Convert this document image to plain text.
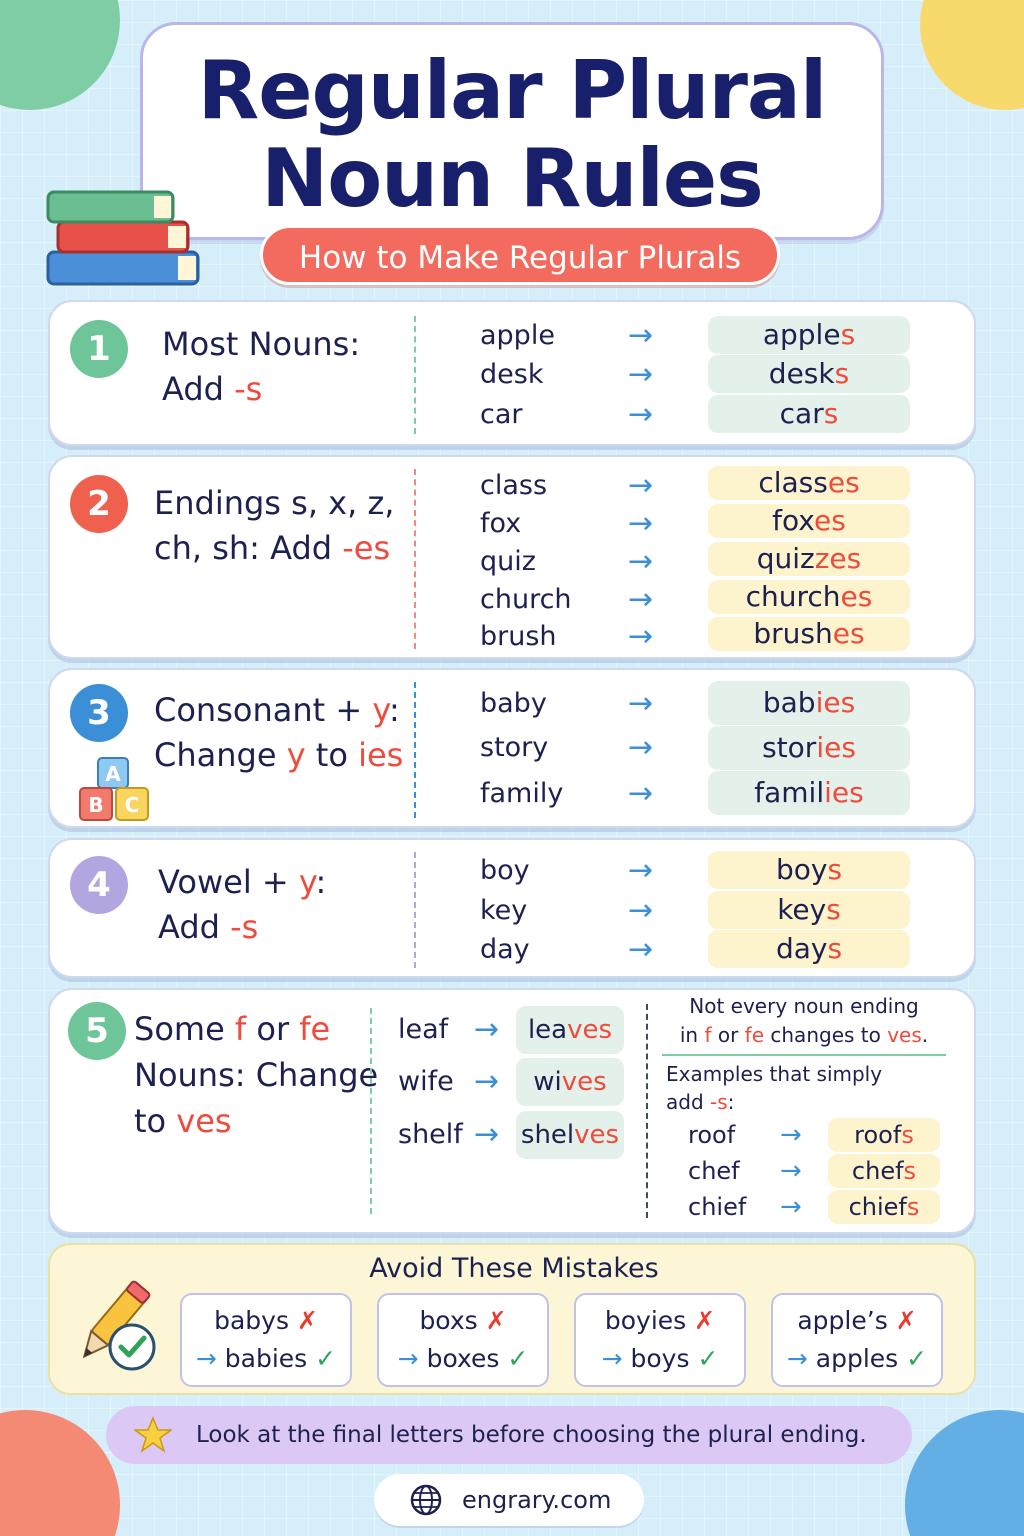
Regular Plural
Noun Rules
How to Make Regular Plurals
1	Most Nouns:
Add -s
apple →	apples
desk	→	desks
car	→	cars
2	Endings s, x, z,
ch, sh: Add -es
class	→	classes
fox	→	foxes
quiz	→	quizzes
church →	churches
brush →	brushes
3
A
B C
Consonant + y:
Change y to ies
baby	→	babies
story	→	stories
family →	families
4	Vowel + y:
Add -s
boy	→	boys
key	→	keys
day	→	days
5 Some f or fe
Nouns: Change
to ves
leaf →	leaves
wife →	wives
shelf → shelves
Not every noun ending
in f or fe changes to ves.
Examples that simply
add -s:
roof →	roofs
chef →	chefs
chief →	chiefs
Avoid These Mistakes
babys ✗
→ babies ✓
boxs ✗
→ boxes ✓
boyies ✗
→ boys ✓
apple’s ✗
→ apples ✓
Look at the final letters before choosing the plural ending.
engrary.com
